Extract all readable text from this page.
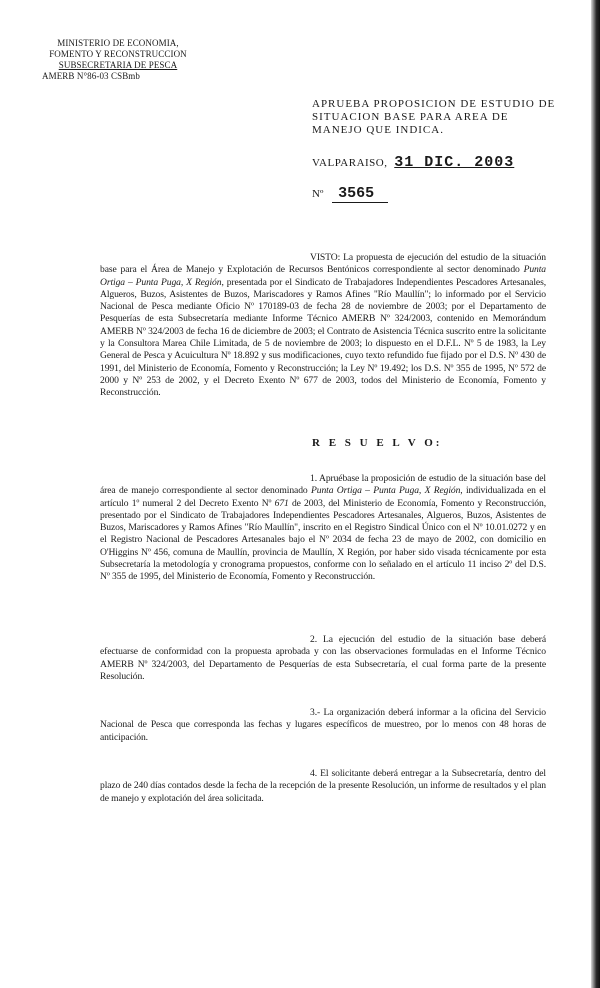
MINISTERIO DE ECONOMIA,
FOMENTO Y RECONSTRUCCION
SUBSECRETARIA DE PESCA
AMERB N°86-03 CSBmb
APRUEBA PROPOSICION DE ESTUDIO DE SITUACION BASE PARA AREA DE MANEJO QUE INDICA.
VALPARAISO, 31 DIC. 2003
Nº 3565
VISTO: La propuesta de ejecución del estudio de la situación base para el Área de Manejo y Explotación de Recursos Bentónicos correspondiente al sector denominado Punta Ortiga – Punta Puga, X Región, presentada por el Sindicato de Trabajadores Independientes Pescadores Artesanales, Algueros, Buzos, Asistentes de Buzos, Mariscadores y Ramos Afines "Río Maullín"; lo informado por el Servicio Nacional de Pesca mediante Oficio Nº 170189-03 de fecha 28 de noviembre de 2003; por el Departamento de Pesquerías de esta Subsecretaría mediante Informe Técnico AMERB Nº 324/2003, contenido en Memorándum AMERB Nº 324/2003 de fecha 16 de diciembre de 2003; el Contrato de Asistencia Técnica suscrito entre la solicitante y la Consultora Marea Chile Limitada, de 5 de noviembre de 2003; lo dispuesto en el D.F.L. Nº 5 de 1983, la Ley General de Pesca y Acuicultura Nº 18.892 y sus modificaciones, cuyo texto refundido fue fijado por el D.S. Nº 430 de 1991, del Ministerio de Economía, Fomento y Reconstrucción; la Ley Nº 19.492; los D.S. Nº 355 de 1995, Nº 572 de 2000 y Nº 253 de 2002, y el Decreto Exento Nº 677 de 2003, todos del Ministerio de Economía, Fomento y Reconstrucción.
R E S U E L V O:
1. Apruébase la proposición de estudio de la situación base del área de manejo correspondiente al sector denominado Punta Ortiga – Punta Puga, X Región, individualizada en el artículo 1º numeral 2 del Decreto Exento Nº 671 de 2003, del Ministerio de Economía, Fomento y Reconstrucción, presentado por el Sindicato de Trabajadores Independientes Pescadores Artesanales, Algueros, Buzos, Asistentes de Buzos, Mariscadores y Ramos Afines "Río Maullín", inscrito en el Registro Sindical Único con el Nº 10.01.0272 y en el Registro Nacional de Pescadores Artesanales bajo el Nº 2034 de fecha 23 de mayo de 2002, con domicilio en O'Higgins Nº 456, comuna de Maullín, provincia de Maullín, X Región, por haber sido visada técnicamente por esta Subsecretaría la metodología y cronograma propuestos, conforme con lo señalado en el artículo 11 inciso 2º del D.S. Nº 355 de 1995, del Ministerio de Economía, Fomento y Reconstrucción.
2. La ejecución del estudio de la situación base deberá efectuarse de conformidad con la propuesta aprobada y con las observaciones formuladas en el Informe Técnico AMERB Nº 324/2003, del Departamento de Pesquerías de esta Subsecretaría, el cual forma parte de la presente Resolución.
3.- La organización deberá informar a la oficina del Servicio Nacional de Pesca que corresponda las fechas y lugares específicos de muestreo, por lo menos con 48 horas de anticipación.
4. El solicitante deberá entregar a la Subsecretaría, dentro del plazo de 240 días contados desde la fecha de la recepción de la presente Resolución, un informe de resultados y el plan de manejo y explotación del área solicitada.
